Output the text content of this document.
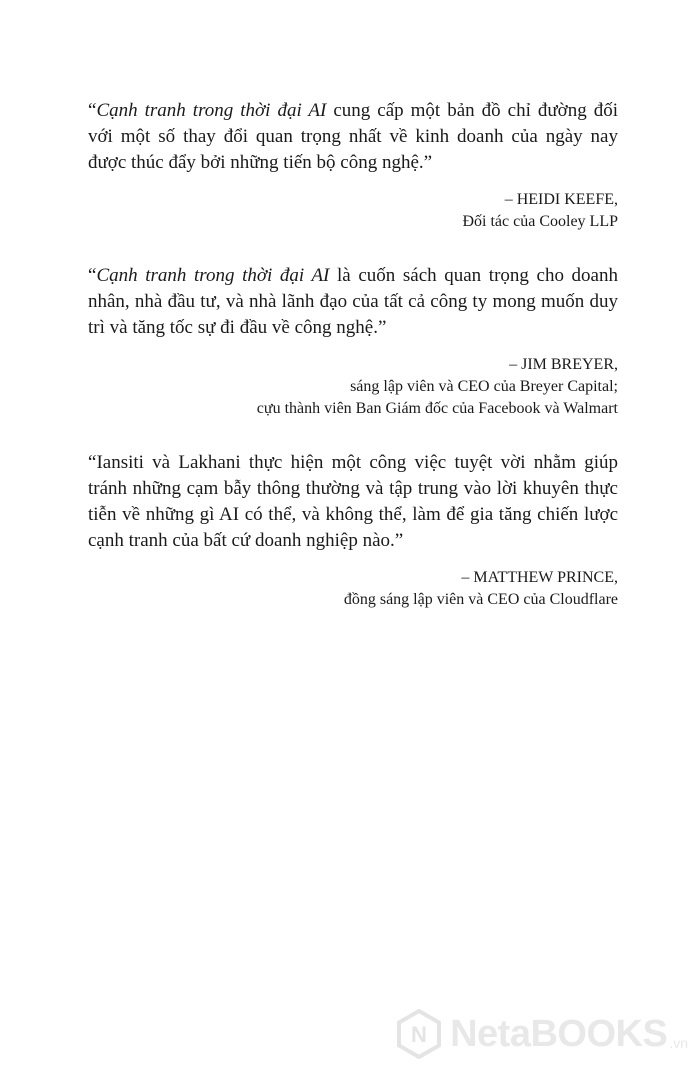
“Cạnh tranh trong thời đại AI cung cấp một bản đồ chỉ đường đối với một số thay đổi quan trọng nhất về kinh doanh của ngày nay được thúc đẩy bởi những tiến bộ công nghệ.”

– HEIDI KEEFE,
Đối tác của Cooley LLP

“Cạnh tranh trong thời đại AI là cuốn sách quan trọng cho doanh nhân, nhà đầu tư, và nhà lãnh đạo của tất cả công ty mong muốn duy trì và tăng tốc sự đi đầu về công nghệ.”

– JIM BREYER,
sáng lập viên và CEO của Breyer Capital;
cựu thành viên Ban Giám đốc của Facebook và Walmart

“Iansiti và Lakhani thực hiện một công việc tuyệt vời nhằm giúp tránh những cạm bẫy thông thường và tập trung vào lời khuyên thực tiễn về những gì AI có thể, và không thể, làm để gia tăng chiến lược cạnh tranh của bất cứ doanh nghiệp nào.”

– MATTHEW PRINCE,
đồng sáng lập viên và CEO của Cloudflare
N NetaBOOKS .vn
